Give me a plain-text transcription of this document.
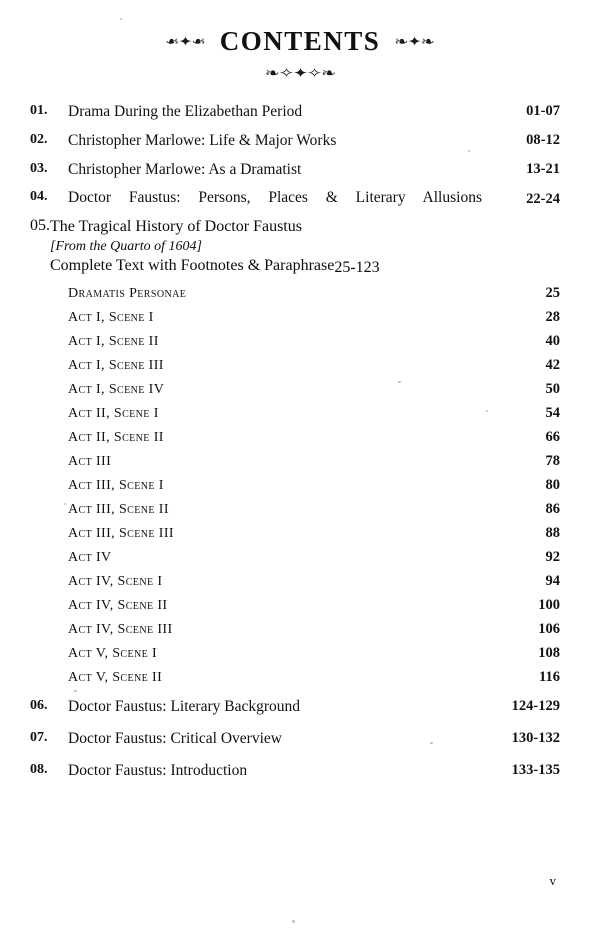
❧✦❧ CONTENTS ❧✦❧
❧✧✦✧❧
01.	Drama During the Elizabethan Period	01-07
02.	Christopher Marlowe: Life & Major Works	08-12
03.	Christopher Marlowe: As a Dramatist	13-21
04.	Doctor Faustus: Persons, Places & Literary Allusions	22-24
05. The Tragical History of Doctor Faustus
[From the Quarto of 1604]
Complete Text with Footnotes & Paraphrase 25-123
Dramatis Personae	25
Act I, Scene I	28
Act I, Scene II	40
Act I, Scene III	42
Act I, Scene IV	50
Act II, Scene I	54
Act II, Scene II	66
Act III	78
Act III, Scene I	80
Act III, Scene II	86
Act III, Scene III	88
Act IV	92
Act IV, Scene I	94
Act IV, Scene II	100
Act IV, Scene III	106
Act V, Scene I	108
Act V, Scene II	116
06.	Doctor Faustus: Literary Background	124-129
07.	Doctor Faustus: Critical Overview	130-132
08.	Doctor Faustus: Introduction	133-135
v
